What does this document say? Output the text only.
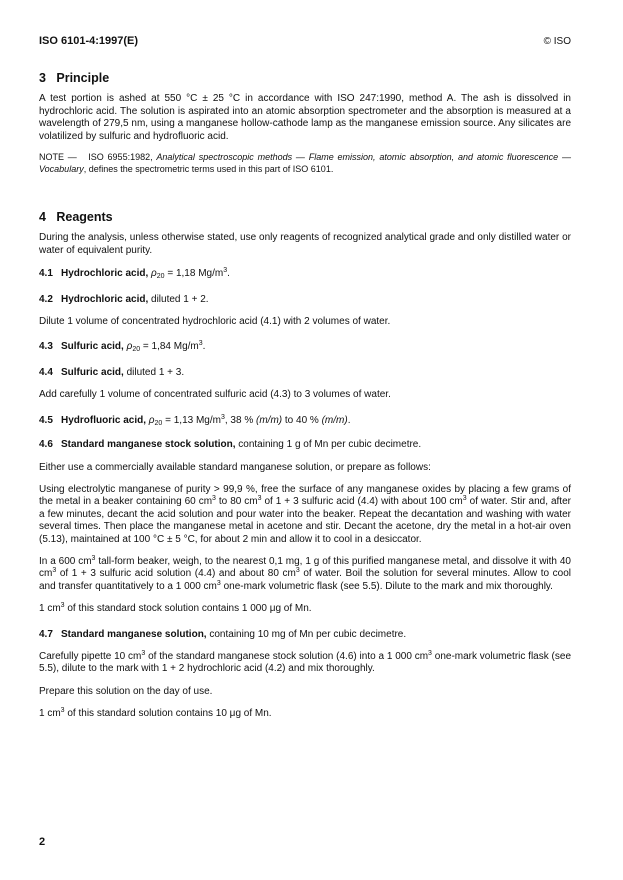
ISO 6101-4:1997(E)	© ISO
3   Principle

A test portion is ashed at 550 °C ± 25 °C in accordance with ISO 247:1990, method A. The ash is dissolved in hydrochloric acid. The solution is aspirated into an atomic absorption spectrometer and the absorption is measured at a wavelength of 279,5 nm, using a manganese hollow-cathode lamp as the manganese emission source. Any silicates are volatilized by sulfuric and hydrofluoric acid.

NOTE —   ISO 6955:1982, Analytical spectroscopic methods — Flame emission, atomic absorption, and atomic fluorescence — Vocabulary, defines the spectrometric terms used in this part of ISO 6101.

4   Reagents

During the analysis, unless otherwise stated, use only reagents of recognized analytical grade and only distilled water or water of equivalent purity.

4.1 Hydrochloric acid, $\rho_{20} = 1,18$ $Mg/m^3$.

4.2 Hydrochloric acid, diluted 1 + 2.

Dilute 1 volume of concentrated hydrochloric acid (4.1) with 2 volumes of water.

4.3 Sulfuric acid, $\rho_{20} = 1,84$ $Mg/m^3$.

4.4 Sulfuric acid, diluted 1 + 3.

Add carefully 1 volume of concentrated sulfuric acid (4.3) to 3 volumes of water.

4.5 Hydrofluoric acid, $\rho_{20} = 1,13$ $Mg/m^3$, 38 % (m/m) to 40 % (m/m).

4.6 Standard manganese stock solution, containing 1 g of Mn per cubic decimetre.

Either use a commercially available standard manganese solution, or prepare as follows:

Using electrolytic manganese of purity > 99,9 %, free the surface of any manganese oxides by placing a few grams of the metal in a beaker containing 60 $cm^3$ to 80 $cm^3$ of 1 + 3 sulfuric acid (4.4) with about 100 $cm^3$ of water. Stir and, after a few minutes, decant the acid solution and pour water into the beaker. Repeat the decantation and washing with water several times. Then place the manganese metal in acetone and stir. Decant the acetone, dry the metal in a hot-air oven (5.13), maintained at 100 °C ± 5 °C, for about 2 min and allow it to cool in a desiccator.

In a 600 $cm^3$ tall-form beaker, weigh, to the nearest 0,1 mg, 1 g of this purified manganese metal, and dissolve it with 40 $cm^3$ of 1 + 3 sulfuric acid solution (4.4) and about 80 $cm^3$ of water. Boil the solution for several minutes. Allow to cool and transfer quantitatively to a 1 000 $cm^3$ one-mark volumetric flask (see 5.5). Dilute to the mark and mix thoroughly.

1 $cm^3$ of this standard stock solution contains 1 000 μg of Mn.

4.7 Standard manganese solution, containing 10 mg of Mn per cubic decimetre.

Carefully pipette 10 $cm^3$ of the standard manganese stock solution (4.6) into a 1 000 $cm^3$ one-mark volumetric flask (see 5.5), dilute to the mark with 1 + 2 hydrochloric acid (4.2) and mix thoroughly.

Prepare this solution on the day of use.

1 $cm^3$ of this standard solution contains 10 μg of Mn.

2
